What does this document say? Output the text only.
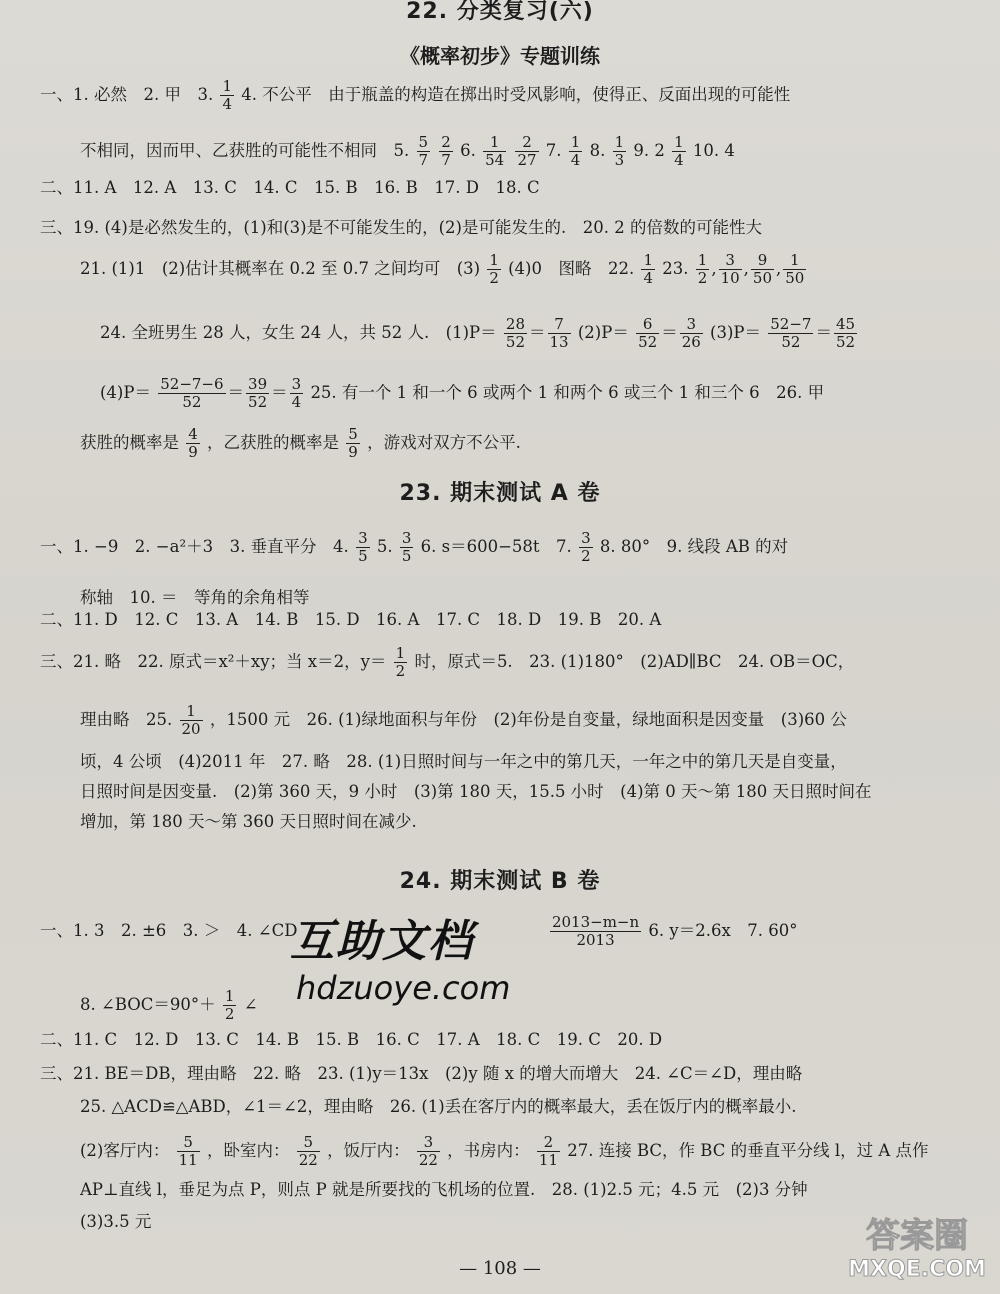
22. 分类复习(六)
《概率初步》专题训练
一、1. 必然　2. 甲　3. $\frac{1}{4} 4$. 不公平　由于瓶盖的构造在掷出时受风影响，使得正、反面出现的可能性
不相同，因而甲、乙获胜的可能性不相同　5. $\frac{5}{7}$
$\frac{2}{7} 6$. $\frac{1}{54}$
$\frac{2}{27} 7$. $\frac{1}{4} 8$. $\frac{1}{3} 9$. $2 \frac{1}{4} 10$. 4
二、11. A　12. A　13. C　14. C　15. B　16. B　17. D　18. C
三、19. (4)是必然发生的，(1)和(3)是不可能发生的，(2)是可能发生的.　20. 2 的倍数的可能性大
21. (1)1　(2)估计其概率在 0.2 至 0.7 之间均可　$(3) \frac{1}{2} (4)0$　图略　22. $\frac{1}{4} 23$. $\frac{1}{2}$ , $\frac{3}{10}$ , $\frac{9}{50}$ , $\frac{1}{50}$
24. 全班男生 28 人，女生 24 人，共 52 人.　$(1)P= \frac{28}{52} = \frac{7}{13} (2)P= \frac{6}{52} = \frac{3}{26} (3)P= \frac{52-7}{52} = \frac{45}{52}$
$(4)P= \frac{52-7-6}{52} = \frac{39}{52} = \frac{3}{4} 25$. 有一个 1 和一个 6 或两个 1 和两个 6 或三个 1 和三个 6　26. 甲
获胜的概率是 $\frac{4}{9}$ ，乙获胜的概率是 $\frac{5}{9}$ ，游戏对双方不公平.
23. 期末测试 A 卷
一、1. −9　2. −a²＋3　3. 垂直平分　4. $\frac{3}{5} 5$. $\frac{3}{5} 6$. s＝600−58t　7. $\frac{3}{2} 8$. 80°　9. 线段 AB 的对
称轴　10. ＝　等角的余角相等
二、11. D　12. C　13. A　14. B　15. D　16. A　17. C　18. D　19. B　20. A
三、21. 略　22. 原式＝x²＋xy；当 x＝2，$y= \frac{1}{2}$ 时，原式＝5.　23. (1)180°　(2)AD∥BC　24. OB＝OC，
理由略　25. $\frac{1}{20}$ ，1500 元　26. (1)绿地面积与年份　(2)年份是自变量，绿地面积是因变量　(3)60 公
顷，4 公顷　(4)2011 年　27. 略　28. (1)日照时间与一年之中的第几天，一年之中的第几天是自变量，
日照时间是因变量.　(2)第 360 天，9 小时　(3)第 180 天，15.5 小时　(4)第 0 天～第 180 天日照时间在
增加，第 180 天～第 360 天日照时间在减少.
24. 期末测试 B 卷
一、1. 3　2. ±6　3. ＞　4. ∠CD	$\frac{2013-m-n}{2013} 6$. y＝2.6x　7. 60°
8. ∠BOC＝90°＋ $\frac{1}{2}$ ∠
二、11. C　12. D　13. C　14. B　15. B　16. C　17. A　18. C　19. C　20. D
三、21. BE＝DB，理由略　22. 略　23. (1)y＝13x　(2)y 随 x 的增大而增大　24. ∠C＝∠D，理由略
25. △ACD≌△ABD，∠1＝∠2，理由略　26. (1)丢在客厅内的概率最大，丢在饭厅内的概率最小.
(2)客厅内： $\frac{5}{11}$ ，卧室内： $\frac{5}{22}$ ，饭厅内： $\frac{3}{22}$ ，书房内： $\frac{2}{11} 27$. 连接 BC，作 BC 的垂直平分线 l，过 A 点作
AP⊥直线 l，垂足为点 P，则点 P 就是所要找的飞机场的位置.　28. (1)2.5 元；4.5 元　(2)3 分钟
(3)3.5 元
互助文档
hdzuoye.com
— 108 —
答案圈
MXQE.COM
